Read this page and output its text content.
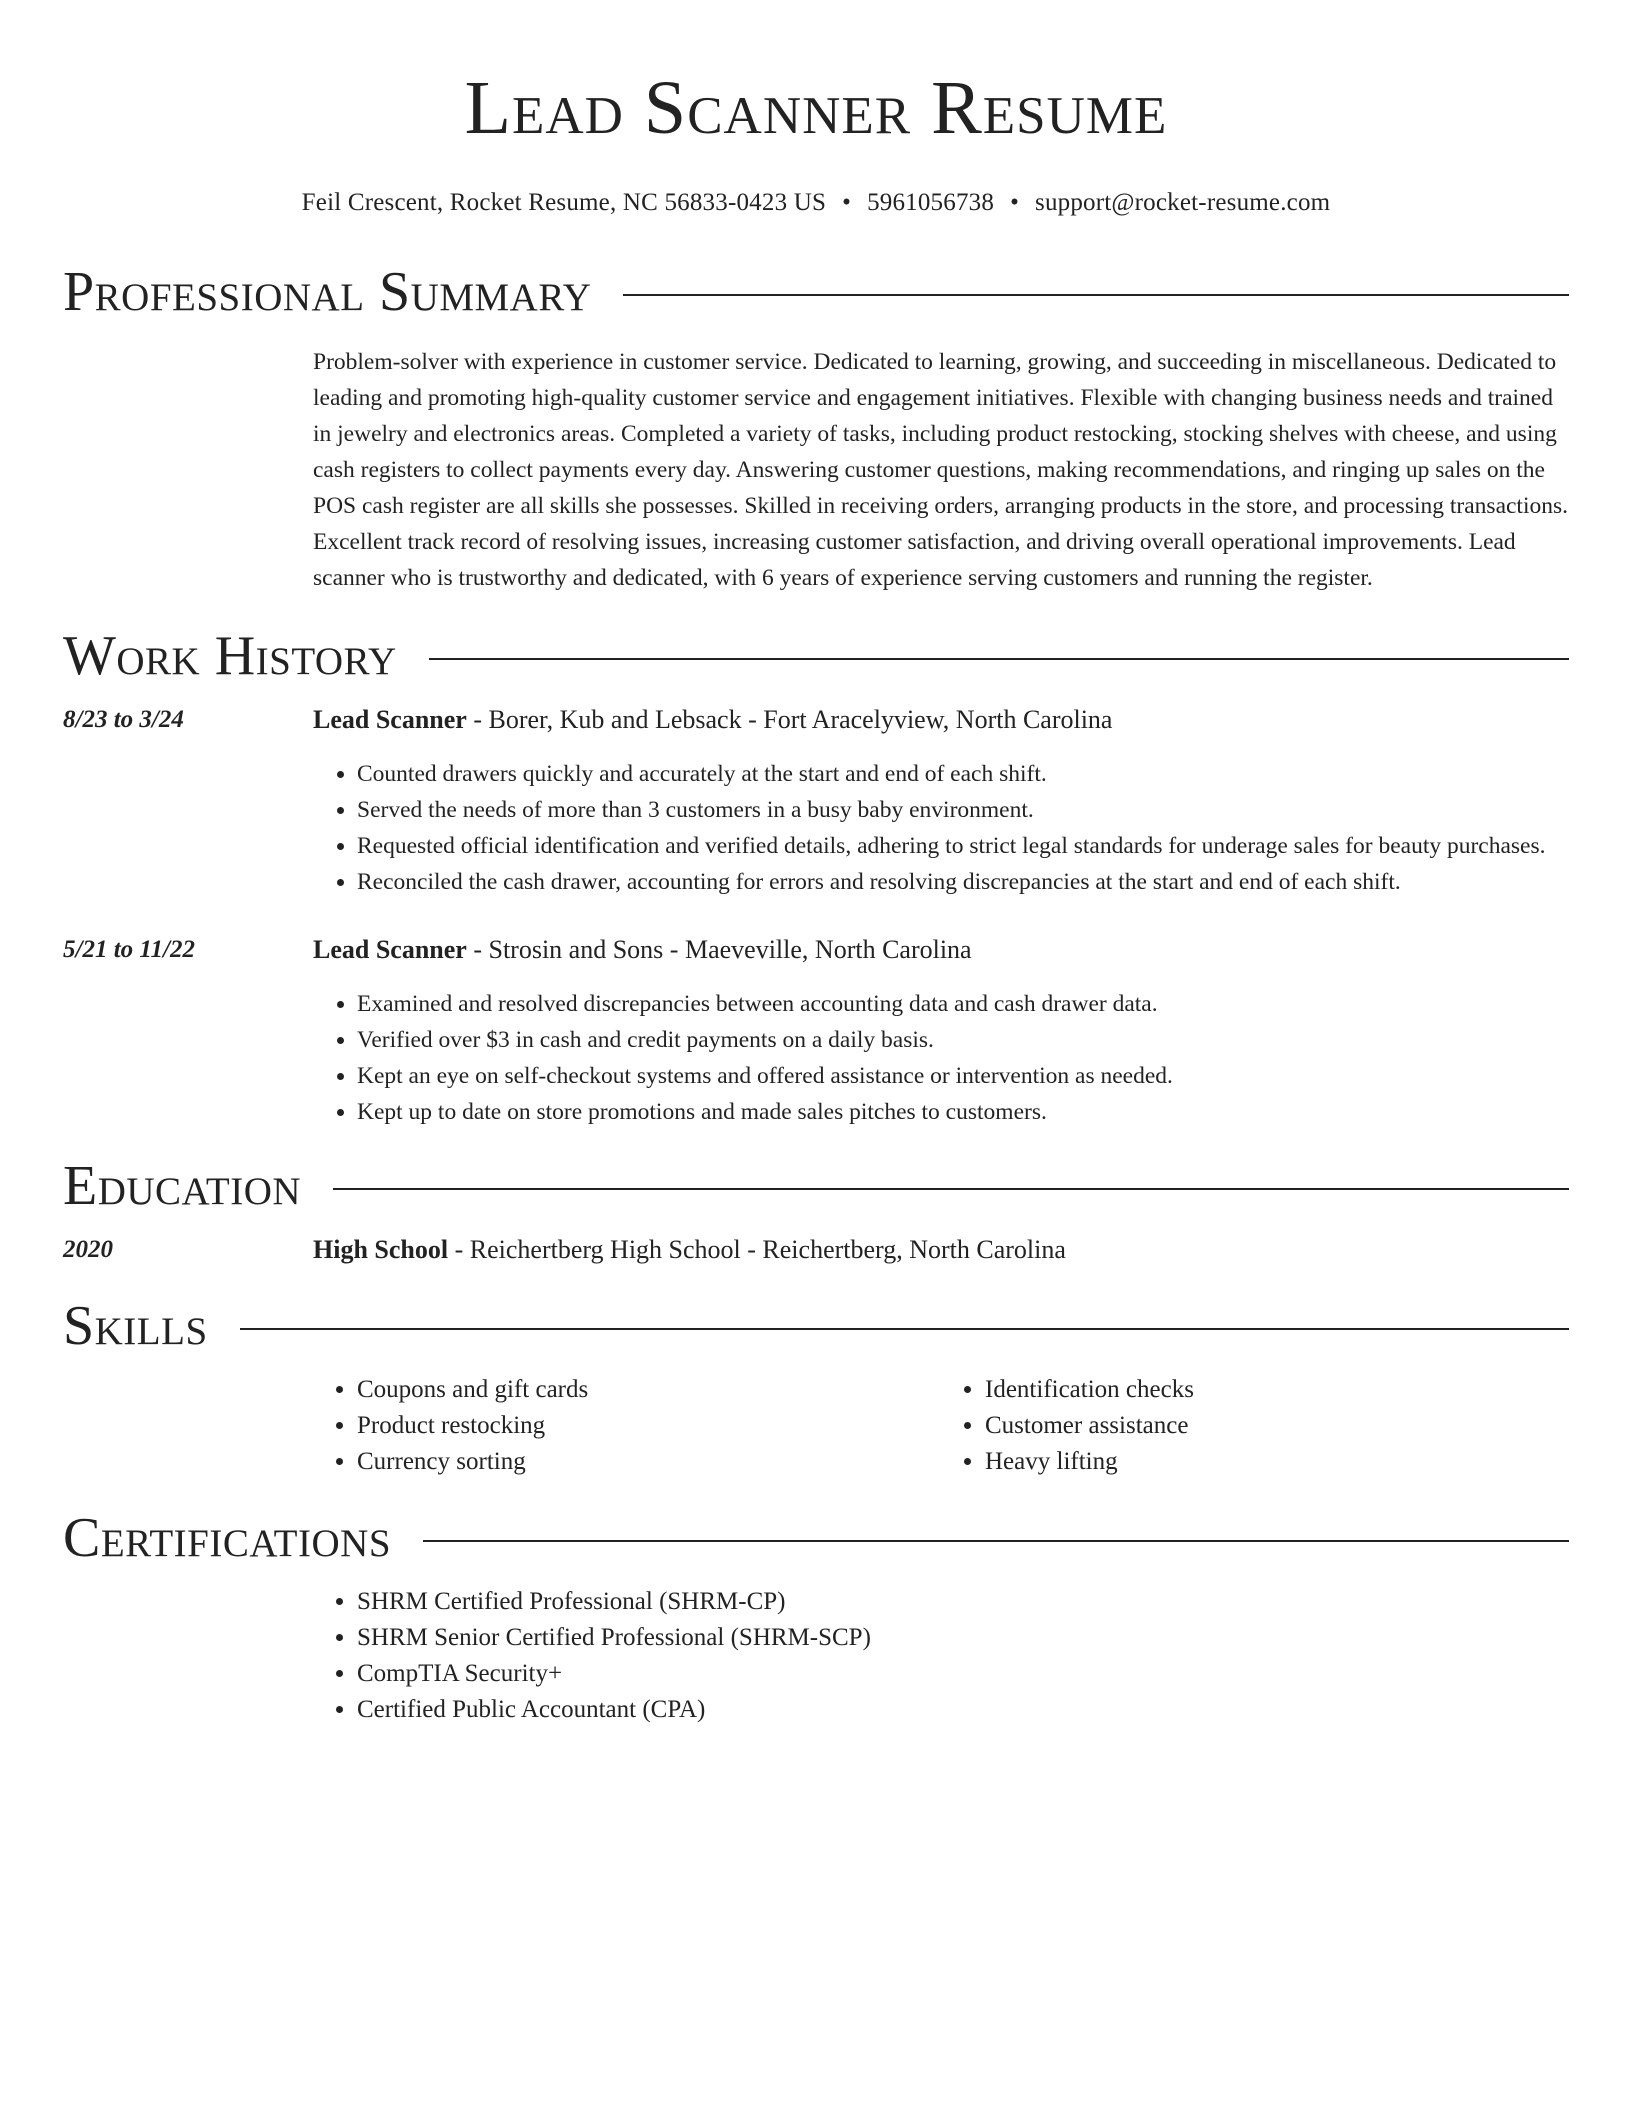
Lead Scanner Resume
Feil Crescent, Rocket Resume, NC 56833-0423 US • 5961056738 • support@rocket-resume.com
Professional Summary
Problem-solver with experience in customer service. Dedicated to learning, growing, and succeeding in miscellaneous. Dedicated to leading and promoting high-quality customer service and engagement initiatives. Flexible with changing business needs and trained in jewelry and electronics areas. Completed a variety of tasks, including product restocking, stocking shelves with cheese, and using cash registers to collect payments every day. Answering customer questions, making recommendations, and ringing up sales on the POS cash register are all skills she possesses. Skilled in receiving orders, arranging products in the store, and processing transactions. Excellent track record of resolving issues, increasing customer satisfaction, and driving overall operational improvements. Lead scanner who is trustworthy and dedicated, with 6 years of experience serving customers and running the register.
Work History
8/23 to 3/24	Lead Scanner - Borer, Kub and Lebsack - Fort Aracelyview, North Carolina
• Counted drawers quickly and accurately at the start and end of each shift.
• Served the needs of more than 3 customers in a busy baby environment.
• Requested official identification and verified details, adhering to strict legal standards for underage sales for beauty purchases.
• Reconciled the cash drawer, accounting for errors and resolving discrepancies at the start and end of each shift.
5/21 to 11/22	Lead Scanner - Strosin and Sons - Maeveville, North Carolina
• Examined and resolved discrepancies between accounting data and cash drawer data.
• Verified over $3 in cash and credit payments on a daily basis.
• Kept an eye on self-checkout systems and offered assistance or intervention as needed.
• Kept up to date on store promotions and made sales pitches to customers.
Education
2020	High School - Reichertberg High School - Reichertberg, North Carolina
Skills
• Coupons and gift cards
• Product restocking
• Currency sorting
• Identification checks
• Customer assistance
• Heavy lifting
Certifications
• SHRM Certified Professional (SHRM-CP)
• SHRM Senior Certified Professional (SHRM-SCP)
• CompTIA Security+
• Certified Public Accountant (CPA)
